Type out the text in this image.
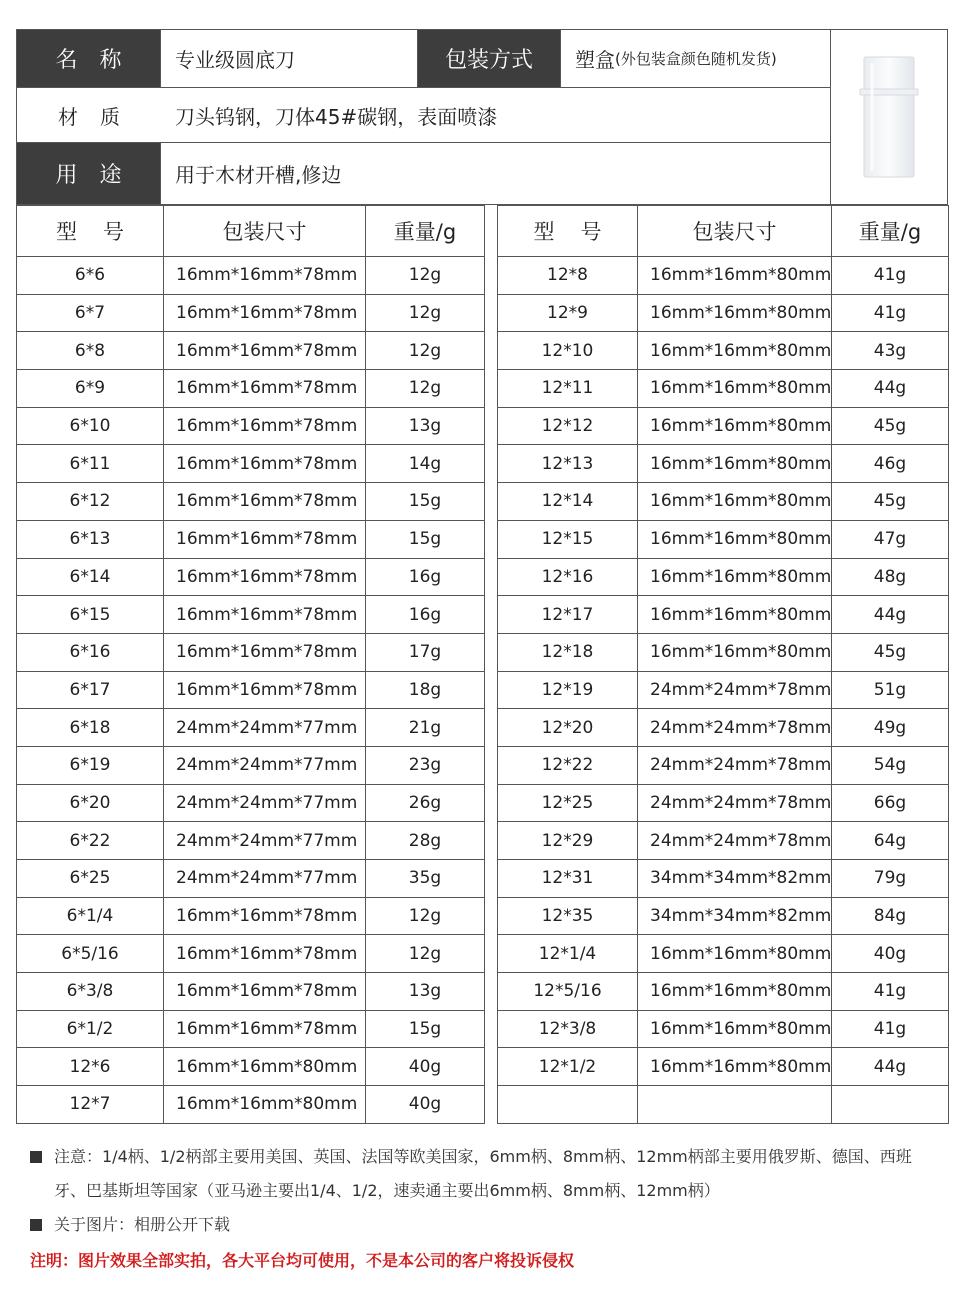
名称 专业级圆底刀	包装方式 塑盒 (外包装盒颜色随机发货)
材质	刀头钨钢，刀体45#碳钢，表面喷漆
用途 用于木材开槽,修边
型号	包装尺寸	重量/g
6*6	16mm*16mm*78mm	12g
6*7	16mm*16mm*78mm	12g
6*8	16mm*16mm*78mm	12g
6*9	16mm*16mm*78mm	12g
6*10	16mm*16mm*78mm	13g
6*11	16mm*16mm*78mm	14g
6*12	16mm*16mm*78mm	15g
6*13	16mm*16mm*78mm	15g
6*14	16mm*16mm*78mm	16g
6*15	16mm*16mm*78mm	16g
6*16	16mm*16mm*78mm	17g
6*17	16mm*16mm*78mm	18g
6*18	24mm*24mm*77mm	21g
6*19	24mm*24mm*77mm	23g
6*20	24mm*24mm*77mm	26g
6*22	24mm*24mm*77mm	28g
6*25	24mm*24mm*77mm	35g
6*1/4	16mm*16mm*78mm	12g
6*5/16	16mm*16mm*78mm	12g
6*3/8	16mm*16mm*78mm	13g
6*1/2	16mm*16mm*78mm	15g
12*6	16mm*16mm*80mm	40g
12*7	16mm*16mm*80mm	40g
型号	包装尺寸	重量/g
12*8	16mm*16mm*80mm	41g
12*9	16mm*16mm*80mm	41g
12*10	16mm*16mm*80mm	43g
12*11	16mm*16mm*80mm	44g
12*12	16mm*16mm*80mm	45g
12*13	16mm*16mm*80mm	46g
12*14	16mm*16mm*80mm	45g
12*15	16mm*16mm*80mm	47g
12*16	16mm*16mm*80mm	48g
12*17	16mm*16mm*80mm	44g
12*18	16mm*16mm*80mm	45g
12*19	24mm*24mm*78mm	51g
12*20	24mm*24mm*78mm	49g
12*22	24mm*24mm*78mm	54g
12*25	24mm*24mm*78mm	66g
12*29	24mm*24mm*78mm	64g
12*31	34mm*34mm*82mm	79g
12*35	34mm*34mm*82mm	84g
12*1/4	16mm*16mm*80mm	40g
12*5/16	16mm*16mm*80mm	41g
12*3/8	16mm*16mm*80mm	41g
12*1/2	16mm*16mm*80mm	44g

注意：1/4柄、1/2柄部主要用美国、英国、法国等欧美国家，6mm柄、8mm柄、12mm柄部主要用俄罗斯、德国、西班牙、巴基斯坦等国家（亚马逊主要出1/4、1/2，速卖通主要出6mm柄、8mm柄、12mm柄）
关于图片：相册公开下载
注明：图片效果全部实拍，各大平台均可使用，不是本公司的客户将投诉侵权
